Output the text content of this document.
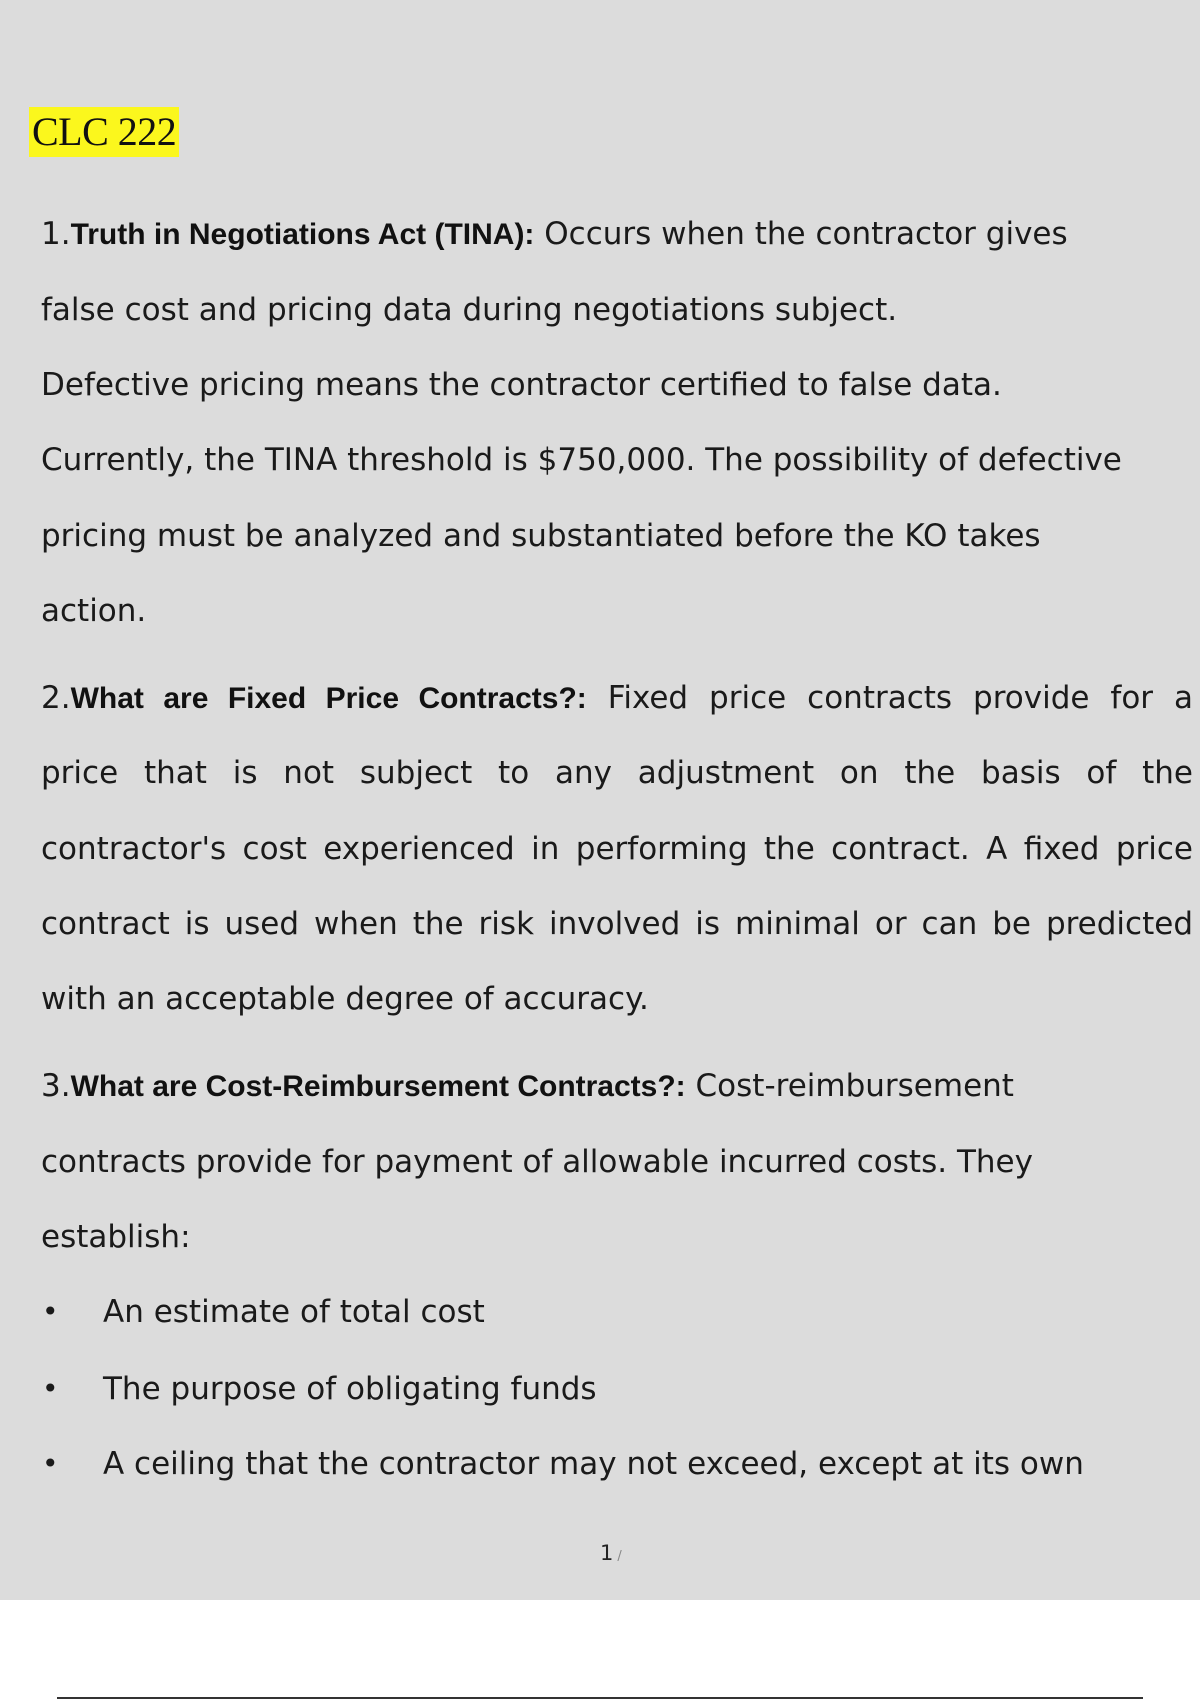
CLC 222
1.Truth in Negotiations Act (TINA): Occurs when the contractor gives
false cost and pricing data during negotiations subject.
Defective pricing means the contractor certified to false data.
Currently, the TINA threshold is $750,000. The possibility of defective
pricing must be analyzed and substantiated before the KO takes
action.
2.What are Fixed Price Contracts?: Fixed price contracts provide for a
price that is not subject to any adjustment on the basis of the
contractor's cost experienced in performing the contract. A fixed price
contract is used when the risk involved is minimal or can be predicted
with an acceptable degree of accuracy.
3.What are Cost-Reimbursement Contracts?: Cost-reimbursement
contracts provide for payment of allowable incurred costs. They
establish:
• An estimate of total cost
• The purpose of obligating funds
• A ceiling that the contractor may not exceed, except at its own
1 /
